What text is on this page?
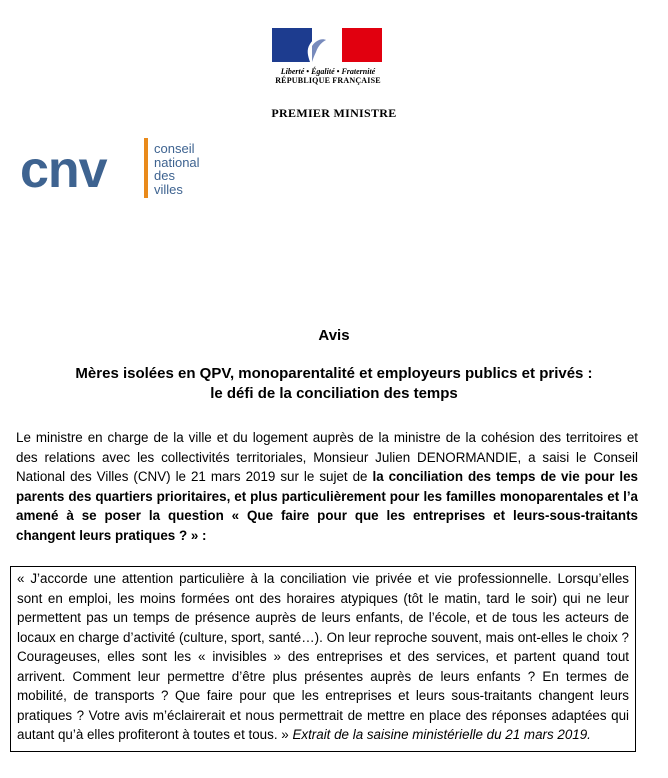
Liberté • Égalité • Fraternité
RÉPUBLIQUE FRANÇAISE
PREMIER MINISTRE
cnv	conseil
national
des villes
Avis
Mères isolées en QPV, monoparentalité et employeurs publics et privés :
le défi de la conciliation des temps
Le ministre en charge de la ville et du logement auprès de la ministre de la cohésion des territoires et des relations avec les collectivités territoriales, Monsieur Julien DENORMANDIE, a saisi le Conseil National des Villes (CNV) le 21 mars 2019 sur le sujet de la conciliation des temps de vie pour les parents des quartiers prioritaires, et plus particulièrement pour les familles monoparentales et l’a amené à se poser la question « Que faire pour que les entreprises et leurs-sous-traitants changent leurs pratiques ? » :
« J’accorde une attention particulière à la conciliation vie privée et vie professionnelle. Lorsqu’elles sont en emploi, les moins formées ont des horaires atypiques (tôt le matin, tard le soir) qui ne leur permettent pas un temps de présence auprès de leurs enfants, de l’école, et de tous les acteurs de locaux en charge d’activité (culture, sport, santé…). On leur reproche souvent, mais ont-elles le choix ? Courageuses, elles sont les « invisibles » des entreprises et des services, et partent quand tout arrivent. Comment leur permettre d’être plus présentes auprès de leurs enfants ? En termes de mobilité, de transports ? Que faire pour que les entreprises et leurs sous-traitants changent leurs pratiques ? Votre avis m’éclairerait et nous permettrait de mettre en place des réponses adaptées qui autant qu’à elles profiteront à toutes et tous. » Extrait de la saisine ministérielle du 21 mars 2019.
